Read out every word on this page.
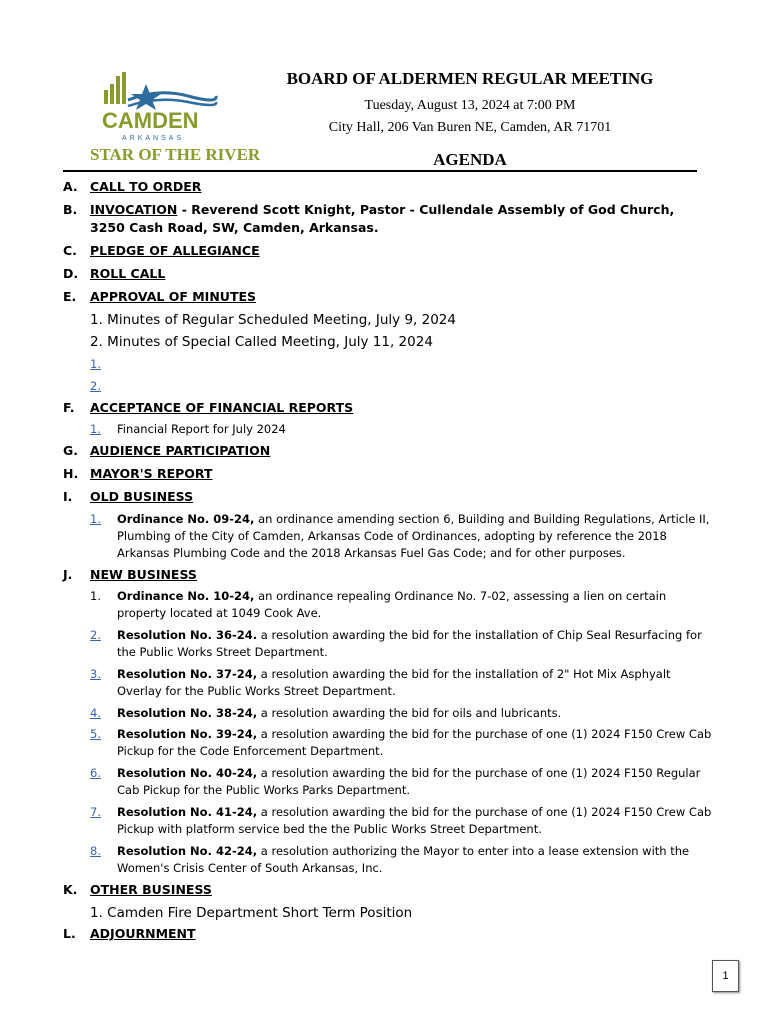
CAMDEN
ARKANSAS
STAR OF THE RIVER

BOARD OF ALDERMEN REGULAR MEETING

Tuesday, August 13, 2024 at 7:00 PM

City Hall, 206 Van Buren NE, Camden, AR 71701

AGENDA

A. CALL TO ORDER
B.	INVOCATION - Reverend Scott Knight, Pastor - Cullendale Assembly of God Church, 3250 Cash Road, SW, Camden, Arkansas.
C.	PLEDGE OF ALLEGIANCE
D. ROLL CALL
E.	APPROVAL OF MINUTES
1. Minutes of Regular Scheduled Meeting, July 9, 2024
2. Minutes of Special Called Meeting, July 11, 2024
1.
2.
F.	ACCEPTANCE OF FINANCIAL REPORTS
1.	Financial Report for July 2024
G. AUDIENCE PARTICIPATION
H. MAYOR'S REPORT
I.	OLD BUSINESS
1.	Ordinance No. 09-24, an ordinance amending section 6, Building and Building Regulations, Article II, Plumbing of the City of Camden, Arkansas Code of Ordinances, adopting by reference the 2018 Arkansas Plumbing Code and the 2018 Arkansas Fuel Gas Code; and for other purposes.
J.	NEW BUSINESS
1.	Ordinance No. 10-24, an ordinance repealing Ordinance No. 7-02, assessing a lien on certain property located at 1049 Cook Ave.
2.	Resolution No. 36-24. a resolution awarding the bid for the installation of Chip Seal Resurfacing for the Public Works Street Department.
3.	Resolution No. 37-24, a resolution awarding the bid for the installation of 2" Hot Mix Asphyalt Overlay for the Public Works Street Department.
4.	Resolution No. 38-24, a resolution awarding the bid for oils and lubricants.
5.	Resolution No. 39-24, a resolution awarding the bid for the purchase of one (1) 2024 F150 Crew Cab Pickup for the Code Enforcement Department.
6.	Resolution No. 40-24, a resolution awarding the bid for the purchase of one (1) 2024 F150 Regular Cab Pickup for the Public Works Parks Department.
7.	Resolution No. 41-24, a resolution awarding the bid for the purchase of one (1) 2024 F150 Crew Cab Pickup with platform service bed the the Public Works Street Department.
8.	Resolution No. 42-24, a resolution authorizing the Mayor to enter into a lease extension with the Women's Crisis Center of South Arkansas, Inc.
K.	OTHER BUSINESS
1. Camden Fire Department Short Term Position
L.	ADJOURNMENT
1
